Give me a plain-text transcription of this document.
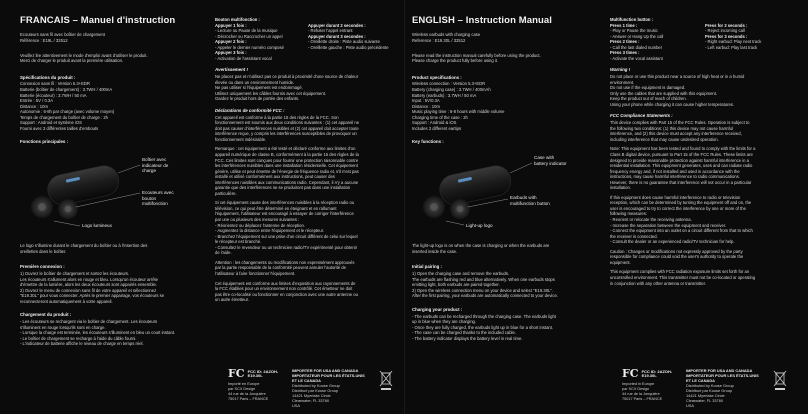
FRANCAIS – Manuel d'instruction
Ecouteurs sans fil avec boîtier de chargement
Référence : E19L / 32512
Veuillez lire attentivement le mode d'emploi avant d'utiliser le produit.
Merci de charger le produit avant la première utilisation.
Spécifications du produit :
Connexion sans fil : Version 5.3+EDR
Batterie (boîtier de chargement) : 3.7WH / 400mA
Batterie (écouteur) : 3.7WH / 50 mA
Entrée : 5V / 0.3A
Distance : 10m
Autonomie : 6-8h par charge (avec volume moyen)
Temps de chargement du boîtier de charge : 2h
Support : Android et système iOS
Fourni avec 3 différentes tailles d'embouts
Fonctions principales :
Boîtier avec
indicateur de
charge
Ecouteurs avec
bouton multifonction
Logo lumineux
Le logo s'illumine durant le chargement du boîtier ou à l'insertion des
oreillettes dans le boîtier.
Première connexion :
1) Ouvrez le boîtier de chargement et sortez les écouteurs.
Les écouteurs s'allument alors en rouge et bleu. Lorsqu'un écouteur arrête
d'émettre de la lumière, alors les deux écouteurs sont appairés ensemble.
2) Ouvrez le menu de connexion sans fil de votre appareil et sélectionnez
"E19.30L" pour vous connecter. Après le premier appairage, vos écouteurs se
reconnecteront automatiquement à votre appareil.
Chargement du produit :
- Les écouteurs se rechargent via le boîtier de chargement. Les écouteurs
s'illuminent en rouge lorsqu'ils sont en charge.
- Lorsque la charge est terminée, les écouteurs s'illuminent en bleu un court instant.
- Le boîtier de chargement se recharge à l'aide du câble fourni.
- L'indicateur de batterie affiche le niveau de charge en temps réel.
Bouton multifonction :
Appuyer 1 fois :
- Lecture ou Pause de la musique
- Décrocher ou Raccrocher un appel
Appuyer 2 fois :
- Appeler le dernier numéro composé
Appuyer 3 fois :
- Activation de l'assistant vocal
Appuyer durant 2 secondes :
- Refuser l'appel entrant
Appuyer durant 3 secondes :
- Oreillette droite : Piste audio suivante
- Oreillette gauche : Piste audio précédente
Avertissement !
Ne placez pas et n'utilisez pas ce produit à proximité d'une source de chaleur
élevée ou dans un environnement humide.
Ne pas utiliser si l'équipement est endommagé.
Utilisez uniquement les câbles fournis avec cet équipement.
Gardez le produit hors de portée des enfants.
Déclarations de conformité FCC :
Cet appareil est conforme à la partie 15 des règles de la FCC. Son
fonctionnement est soumis aux deux conditions suivantes : (1) cet appareil ne
doit pas causer d'interférences nuisibles et (2) cet appareil doit accepter toute
interférence reçue, y compris les interférences susceptibles de provoquer un
fonctionnement indésirable.
Remarque : cet équipement a été testé et déclaré conforme aux limites d'un
appareil numérique de classe B, conformément à la partie 15 des règles de la
FCC. Ces limites sont conçues pour fournir une protection raisonnable contre
les interférences nuisibles dans une installation résidentielle. Cet équipement
génère, utilise et peut émettre de l'énergie de fréquence radio et, s'il n'est pas
installé et utilisé conformément aux instructions, peut causer des
interférences nuisibles aux communications radio. Cependant, il n'y a aucune
garantie que des interférences ne se produiront pas dans une installation
particulière.
Si cet équipement cause des interférences nuisibles à la réception radio ou
télévision, ce qui peut être déterminé en éteignant et en rallumant
l'équipement, l'utilisateur est encouragé à essayer de corriger l'interférence
par une ou plusieurs des mesures suivantes :
- Réorientez ou déplacez l'antenne de réception.
- Augmentez la distance entre l'équipement et le récepteur.
- Branchez l'équipement sur une prise d'un circuit différent de celui sur lequel
le récepteur est branché.
- Consultez le revendeur ou un technicien radio/TV expérimenté pour obtenir
de l'aide.
Attention : les changements ou modifications non expressément approuvés
par la partie responsable de la conformité peuvent annuler l'autorité de
l'utilisateur à faire fonctionner l'équipement.
Cet équipement est conforme aux limites d'exposition aux rayonnements de
la FCC établies pour un environnement non contrôlé. Cet émetteur ne doit
pas être co-localisé ou fonctionner en conjonction avec une autre antenne ou
un autre émetteur.
FC FCC ID: 2AZOH-E19.30L
Importé en Europe
par SCX Design
44 rue de la Jonquière
75017 Paris – FRANCE
IMPORTER FOR USA AND CANADA
IMPORTATEUR POUR LES ÉTATS-UNIS
ET LE CANADA
Distributed by Koose Group
Distribué par Koose Group
14421 Myerlake Circle
Clearwater, FL 33760
USA
ENGLISH – Instruction Manual
Wireless earbuds with charging case
Reference : E19.30L / 32512
Please read the instruction manual carefully before using the product.
Please charge the product fully before using it.
Product specifications :
Wireless connection : Version 5.3+EDR
Battery (charging case) : 3.7WH / 400mAh
Battery (earbuds) : 3.7WH / 50 mA
Input : 5V/0.3A
Distance : 10m
Music playing time : 6-8 hours with middle volume
Charging time of the case : 2h
Support : Android & iOS
Includes 3 different eartips
Key functions :
Case with
battery indicator
Earbuds with
multifunction button
Light-up logo
The light-up logo is on when the case is charging or when the earbuds are
inserted inside the case.
Initial pairing :
1) Open the charging case and remove the earbuds.
The earbuds are flashing red and blue alternatively. When one earbuds stops
emitting light, both earbuds are paired together.
2) Open the wireless connection menu on your device and select "E19.30L".
After the first pairing, your earbuds are automatically connected to your device.
Charging your product :
- The earbuds can be recharged through the charging case. The earbuds light
up in blue when they are charging.
- Once they are fully charged, the earbuds light up in blue for a short instant.
- The case can be charged thanks to the included cable.
- The battery indicator displays the battery level in real time.
Multifunction button :
Press 1 time :
- Play or Pause the music
- Answer or Hang Up the call
Press 2 times :
- Call the last dialed number
Press 3 times :
- Activate the vocal assistant
Press for 2 seconds :
- Reject incoming call
Press for 3 seconds :
- Right earbud: Play next track
- Left earbud: Play last track
Warning !
Do not place or use this product near a source of high heat or in a humid
environment.
Do not use if the equipment is damaged.
Only use the cables that are supplied with this equipment.
Keep the product out of reach of children.
Using your phone while charging it can cause higher temperatures.
FCC Compliance Statements :
This device complies with Part 15 of the FCC Rules. Operation is subject to
the following two conditions: (1) this device may not cause harmful
interference, and (2) this device must accept any interference received,
including interference that may cause undesired operation.
Note: This equipment has been tested and found to comply with the limits for a
Class B digital device, pursuant to Part 15 of the FCC Rules. These limits are
designed to provide reasonable protection against harmful interference in a
residential installation. This equipment generates, uses and can radiate radio
frequency energy and, if not installed and used in accordance with the
instructions, may cause harmful interference to radio communications.
However, there is no guarantee that interference will not occur in a particular
installation.
If this equipment does cause harmful interference to radio or television
reception, which can be determined by turning the equipment off and on, the
user is encouraged to try to correct the interference by one or more of the
following measures:
- Reorient or relocate the receiving antenna.
- Increase the separation between the equipment and receiver.
- Connect the equipment into an outlet on a circuit different from that to which
the receiver is connected.
- Consult the dealer or an experienced radio/TV technician for help.
Caution : Changes or modifications not expressly approved by the party
responsible for compliance could void the user's authority to operate the
equipment.
This equipment complies with FCC radiation exposure limits set forth for an
uncontrolled environment. This transmitter must not be co-located or operating
in conjunction with any other antenna or transmitter.
FC FCC ID: 2AZOH-E19.30L
Imported in Europe
par SCX Design
44 rue de la Jonquière
75017 Paris – FRANCE
IMPORTER FOR USA AND CANADA
IMPORTATEUR POUR LES ÉTATS-UNIS
ET LE CANADA
Distributed by Koose Group
Distribué par Koose Group
14421 Myerlake Circle
Clearwater, FL 33760
USA
